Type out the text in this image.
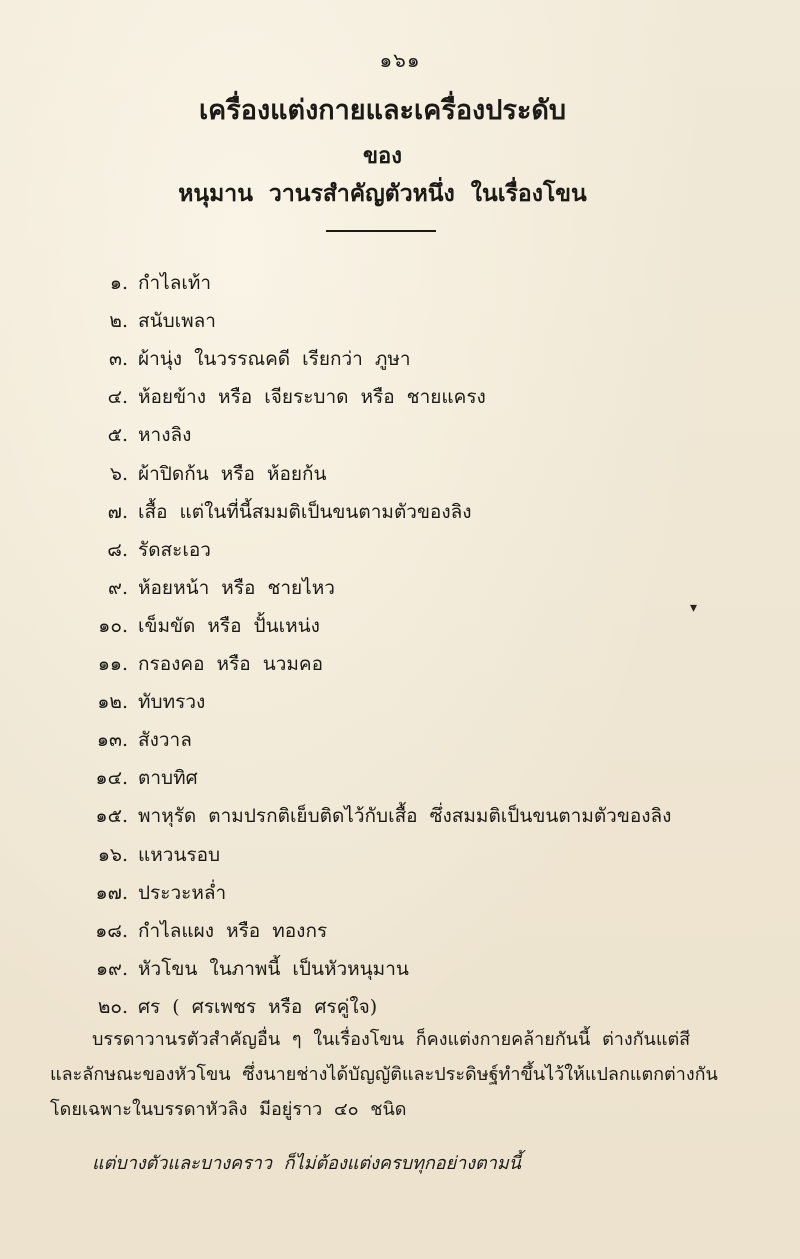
๑๖๑
เครื่องแต่งกายและเครื่องประดับ
ของ
หนุมาน วานรสำคัญตัวหนึ่ง ในเรื่องโขน
๑. กำไลเท้า
๒. สนับเพลา
๓. ผ้านุ่ง ในวรรณคดี เรียกว่า ภูษา
๔. ห้อยข้าง หรือ เจียระบาด หรือ ชายแครง
๕. หางลิง
๖. ผ้าปิดก้น หรือ ห้อยก้น
๗. เสื้อ แต่ในที่นี้สมมติเป็นขนตามตัวของลิง
๘. รัดสะเอว
๙. ห้อยหน้า หรือ ชายไหว
๑๐. เข็มขัด หรือ ปั้นเหน่ง
๑๑. กรองคอ หรือ นวมคอ
๑๒. ทับทรวง
๑๓. สังวาล
๑๔. ตาบทิศ
๑๕. พาหุรัด ตามปรกติเย็บติดไว้กับเสื้อ ซึ่งสมมติเป็นขนตามตัวของลิง
๑๖. แหวนรอบ
๑๗. ประวะหล่ำ
๑๘. กำไลแผง หรือ ทองกร
๑๙. หัวโขน ในภาพนี้ เป็นหัวหนุมาน
๒๐. ศร ( ศรเพชร หรือ ศรคู่ใจ)
บรรดาวานรตัวสำคัญอื่น ๆ ในเรื่องโขน ก็คงแต่งกายคล้ายกันนี้ ต่างกันแต่สี
และลักษณะของหัวโขน ซึ่งนายช่างได้บัญญัติและประดิษฐ์ทำขึ้นไว้ให้แปลกแตกต่างกัน
โดยเฉพาะในบรรดาหัวลิง มีอยู่ราว ๔๐ ชนิด
แต่บางตัวและบางคราว ก็ไม่ต้องแต่งครบทุกอย่างตามนี้
▾
